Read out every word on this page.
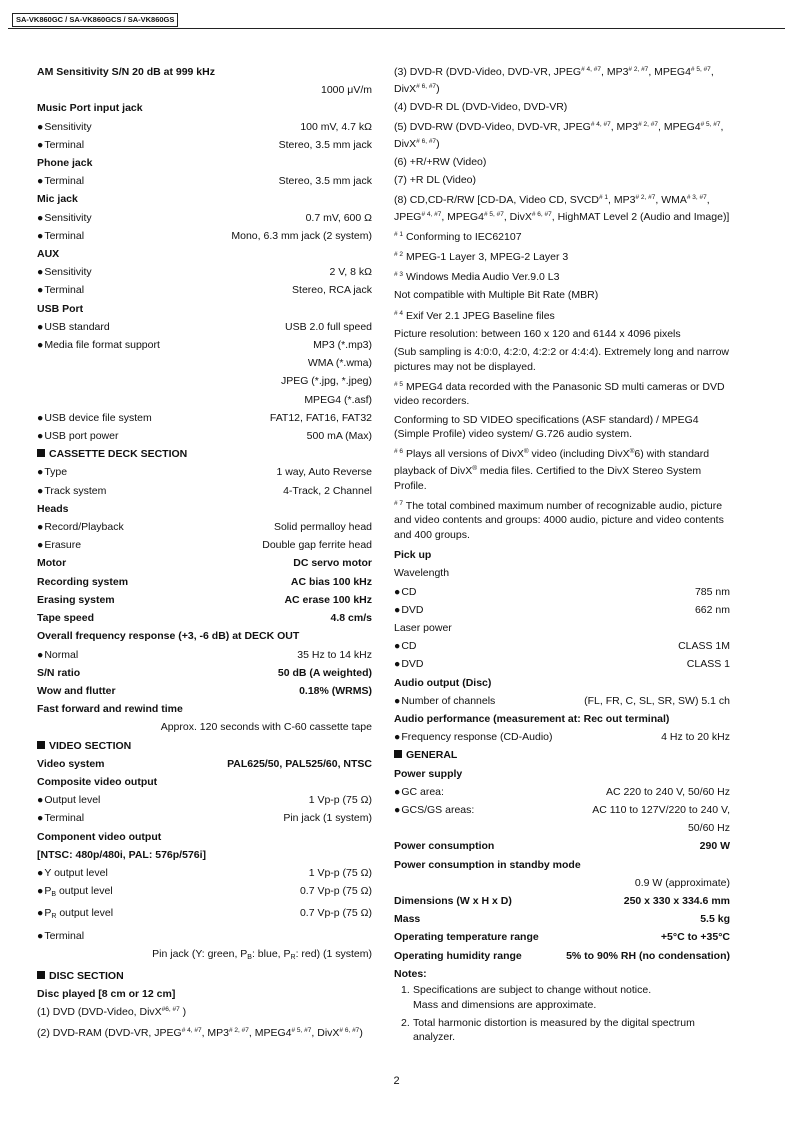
SA-VK860GC / SA-VK860GCS / SA-VK860GS
AM Sensitivity S/N 20 dB at 999 kHz
1000 μV/m
Music Port input jack
● Sensitivity	100 mV, 4.7 kΩ
● Terminal	Stereo, 3.5 mm jack
Phone jack
● Terminal	Stereo, 3.5 mm jack
Mic jack
● Sensitivity	0.7 mV, 600 Ω
● Terminal	Mono, 6.3 mm jack (2 system)
AUX
● Sensitivity	2 V, 8 kΩ
● Terminal	Stereo, RCA jack
USB Port
● USB standard	USB 2.0 full speed
● Media file format support	MP3 (*.mp3)
WMA (*.wma)
JPEG (*.jpg, *.jpeg)
MPEG4 (*.asf)
● USB device file system	FAT12, FAT16, FAT32
● USB port power	500 mA (Max)
CASSETTE DECK SECTION
● Type	1 way, Auto Reverse
● Track system	4-Track, 2 Channel
Heads
● Record/Playback	Solid permalloy head
● Erasure	Double gap ferrite head
Motor	DC servo motor
Recording system	AC bias 100 kHz
Erasing system	AC erase 100 kHz
Tape speed	4.8 cm/s
Overall frequency response (+3, -6 dB) at DECK OUT
● Normal	35 Hz to 14 kHz
S/N ratio	50 dB (A weighted)
Wow and flutter	0.18% (WRMS)
Fast forward and rewind time
Approx. 120 seconds with C-60 cassette tape
VIDEO SECTION
Video system	PAL625/50, PAL525/60, NTSC
Composite video output
● Output level	1 Vp-p (75 Ω)
● Terminal	Pin jack (1 system)
Component video output
[NTSC: 480p/480i, PAL: 576p/576i]
● Y output level	1 Vp-p (75 Ω)
● $P_B$ output level	0.7 Vp-p (75 Ω)
● $P_R$ output level	0.7 Vp-p (75 Ω)
● Terminal
Pin jack (Y: green, $P_B$: blue, $P_R$: red) (1 system)
DISC SECTION
Disc played [8 cm or 12 cm]
(1) DVD (DVD-Video, DivX$^{\#6, \#7}$ )
(2) DVD-RAM (DVD-VR, JPEG$^{\# 4, \#7}$, MP3$^{\# 2, \#7}$, MPEG4$^{\# 5, \#7}$, DivX$^{\# 6, \#7}$)
(3) DVD-R (DVD-Video, DVD-VR, JPEG$^{\# 4, \#7}$, MP3$^{\# 2, \#7}$, MPEG4$^{\# 5, \#7}$, DivX$^{\# 6, \#7}$)
(4) DVD-R DL (DVD-Video, DVD-VR)
(5) DVD-RW (DVD-Video, DVD-VR, JPEG$^{\# 4, \#7}$, MP3$^{\# 2, \#7}$, MPEG4$^{\# 5, \#7}$, DivX$^{\# 6, \#7}$)
(6) +R/+RW (Video)
(7) +R DL (Video)
(8) CD,CD-R/RW [CD-DA, Video CD, SVCD$^{\# 1}$, MP3$^{\# 2, \#7}$, WMA$^{\# 3, \#7}$, JPEG$^{\# 4, \#7}$, MPEG4$^{\# 5, \#7}$, DivX$^{\# 6, \#7}$, HighMAT Level 2 (Audio and Image)]
$^{\# 1}$ Conforming to IEC62107
$^{\# 2}$ MPEG-1 Layer 3, MPEG-2 Layer 3
$^{\# 3}$ Windows Media Audio Ver.9.0 L3
Not compatible with Multiple Bit Rate (MBR)
$^{\# 4}$ Exif Ver 2.1 JPEG Baseline files
Picture resolution: between 160 x 120 and 6144 x 4096 pixels
(Sub sampling is 4:0:0, 4:2:0, 4:2:2 or 4:4:4). Extremely long and narrow pictures may not be displayed.
$^{\# 5}$ MPEG4 data recorded with the Panasonic SD multi cameras or DVD video recorders.
Conforming to SD VIDEO specifications (ASF standard) / MPEG4 (Simple Profile) video system/ G.726 audio system.
$^{\# 6}$ Plays all versions of DivX® video (including DivX®6) with standard playback of DivX® media files. Certified to the DivX Stereo System Profile.
$^{\# 7}$ The total combined maximum number of recognizable audio, picture and video contents and groups: 4000 audio, picture and video contents and 400 groups.
Pick up
Wavelength
● CD	785 nm
● DVD	662 nm
Laser power
● CD	CLASS 1M
● DVD	CLASS 1
Audio output (Disc)
● Number of channels	(FL, FR, C, SL, SR, SW) 5.1 ch
Audio performance (measurement at: Rec out terminal)
● Frequency response (CD-Audio)	4 Hz to 20 kHz
GENERAL
Power supply
● GC area:	AC 220 to 240 V, 50/60 Hz
● GCS/GS areas:	AC 110 to 127V/220 to 240 V,
50/60 Hz
Power consumption	290 W
Power consumption in standby mode
0.9 W (approximate)
Dimensions (W x H x D)	250 x 330 x 334.6 mm
Mass	5.5 kg
Operating temperature range	+5°C to +35°C
Operating humidity range	5% to 90% RH (no condensation)
Notes:
1. Specifications are subject to change without notice.
Mass and dimensions are approximate.
2. Total harmonic distortion is measured by the digital spectrum analyzer.
2
